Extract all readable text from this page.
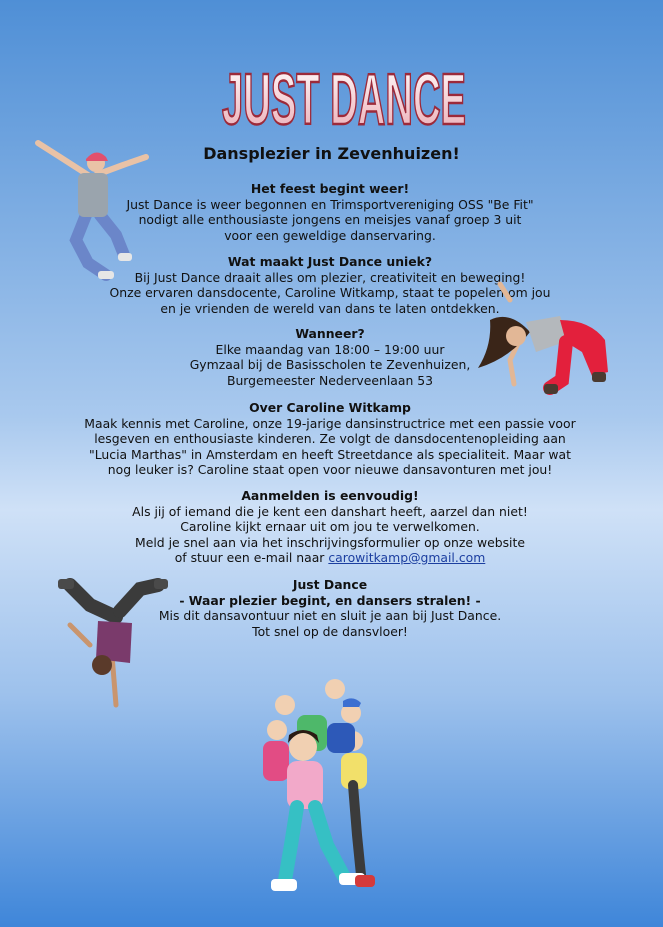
JUST DANCE
Dansplezier in Zevenhuizen!
Het feest begint weer!

Just Dance is weer begonnen en Trimsportvereniging OSS "Be Fit"

nodigt alle enthousiaste jongens en meisjes vanaf groep 3 uit

voor een geweldige danservaring.

Wat maakt Just Dance uniek?

Bij Just Dance draait alles om plezier, creativiteit en beweging!

Onze ervaren dansdocente, Caroline Witkamp, staat te popelen om jou

en je vrienden de wereld van dans te laten ontdekken.

Wanneer?

Elke maandag van 18:00 – 19:00 uur

Gymzaal bij de Basisscholen te Zevenhuizen,

Burgemeester Nederveenlaan 53

Over Caroline Witkamp

Maak kennis met Caroline, onze 19-jarige dansinstructrice met een passie voor

lesgeven en enthousiaste kinderen. Ze volgt de dansdocentenopleiding aan

"Lucia Marthas" in Amsterdam en heeft Streetdance als specialiteit. Maar wat

nog leuker is? Caroline staat open voor nieuwe dansavonturen met jou!

Aanmelden is eenvoudig!

Als jij of iemand die je kent een danshart heeft, aarzel dan niet!

Caroline kijkt ernaar uit om jou te verwelkomen.

Meld je snel aan via het inschrijvingsformulier op onze website

of stuur een e-mail naar carowitkamp@gmail.com

Just Dance
- Waar plezier begint, en dansers stralen! -

Mis dit dansavontuur niet en sluit je aan bij Just Dance.

Tot snel op de dansvloer!
